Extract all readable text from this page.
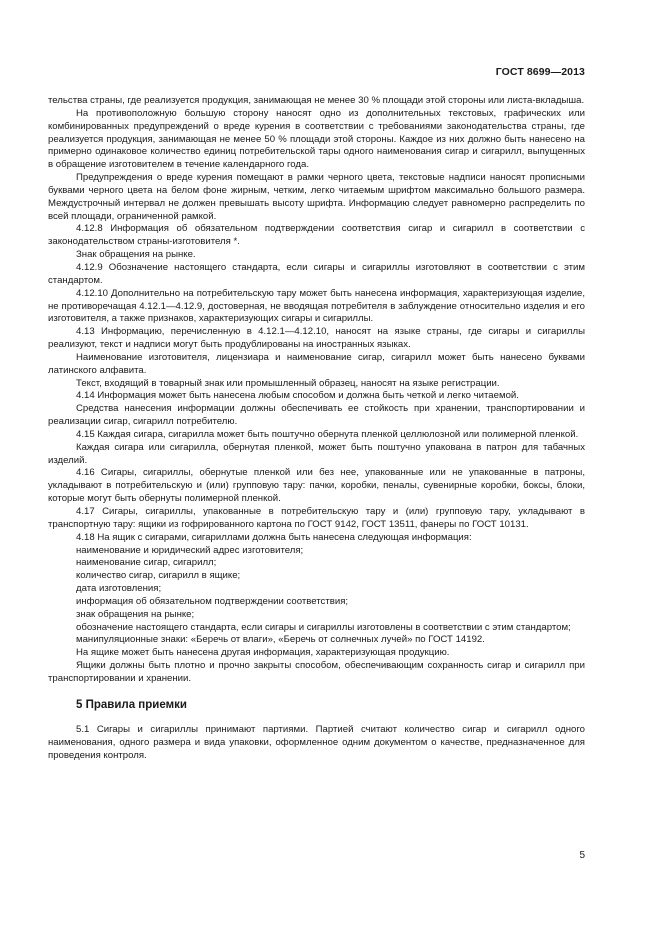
ГОСТ 8699—2013

тельства страны, где реализуется продукция, занимающая не менее 30 % площади этой стороны или листа-вкладыша.

На противоположную большую сторону наносят одно из дополнительных текстовых, графических или комбинированных предупреждений о вреде курения в соответствии с требованиями законодательства страны, где реализуется продукция, занимающая не менее 50 % площади этой стороны. Каждое из них должно быть нанесено на примерно одинаковое количество единиц потребительской тары одного наименования сигар и сигарилл, выпущенных в обращение изготовителем в течение календарного года.

Предупреждения о вреде курения помещают в рамки черного цвета, текстовые надписи наносят прописными буквами черного цвета на белом фоне жирным, четким, легко читаемым шрифтом максимально большого размера. Междустрочный интервал не должен превышать высоту шрифта. Информацию следует равномерно распределить по всей площади, ограниченной рамкой.

4.12.8 Информация об обязательном подтверждении соответствия сигар и сигарилл в соответствии с законодательством страны-изготовителя *.

Знак обращения на рынке.

4.12.9 Обозначение настоящего стандарта, если сигары и сигариллы изготовляют в соответствии с этим стандартом.

4.12.10 Дополнительно на потребительскую тару может быть нанесена информация, характеризующая изделие, не противоречащая 4.12.1—4.12.9, достоверная, не вводящая потребителя в заблуждение относительно изделия и его изготовителя, а также признаков, характеризующих сигары и сигариллы.

4.13 Информацию, перечисленную в 4.12.1—4.12.10, наносят на языке страны, где сигары и сигариллы реализуют, текст и надписи могут быть продублированы на иностранных языках.

Наименование изготовителя, лицензиара и наименование сигар, сигарилл может быть нанесено буквами латинского алфавита.

Текст, входящий в товарный знак или промышленный образец, наносят на языке регистрации.

4.14 Информация может быть нанесена любым способом и должна быть четкой и легко читаемой.

Средства нанесения информации должны обеспечивать ее стойкость при хранении, транспортировании и реализации сигар, сигарилл потребителю.

4.15 Каждая сигара, сигарилла может быть поштучно обернута пленкой целлюлозной или полимерной пленкой.

Каждая сигара или сигарилла, обернутая пленкой, может быть поштучно упакована в патрон для табачных изделий.

4.16 Сигары, сигариллы, обернутые пленкой или без нее, упакованные или не упакованные в патроны, укладывают в потребительскую и (или) групповую тару: пачки, коробки, пеналы, сувенирные коробки, боксы, блоки, которые могут быть обернуты полимерной пленкой.

4.17 Сигары, сигариллы, упакованные в потребительскую тару и (или) групповую тару, укладывают в транспортную тару: ящики из гофрированного картона по ГОСТ 9142, ГОСТ 13511, фанеры по ГОСТ 10131.

4.18 На ящик с сигарами, сигариллами должна быть нанесена следующая информация:

наименование и юридический адрес изготовителя;

наименование сигар, сигарилл;

количество сигар, сигарилл в ящике;

дата изготовления;

информация об обязательном подтверждении соответствия;

знак обращения на рынке;

обозначение настоящего стандарта, если сигары и сигариллы изготовлены в соответствии с этим стандартом;

манипуляционные знаки: «Беречь от влаги», «Беречь от солнечных лучей» по ГОСТ 14192.

На ящике может быть нанесена другая информация, характеризующая продукцию.

Ящики должны быть плотно и прочно закрыты способом, обеспечивающим сохранность сигар и сигарилл при транспортировании и хранении.

5 Правила приемки

5.1 Сигары и сигариллы принимают партиями. Партией считают количество сигар и сигарилл одного наименования, одного размера и вида упаковки, оформленное одним документом о качестве, предназначенное для проведения контроля.

5
